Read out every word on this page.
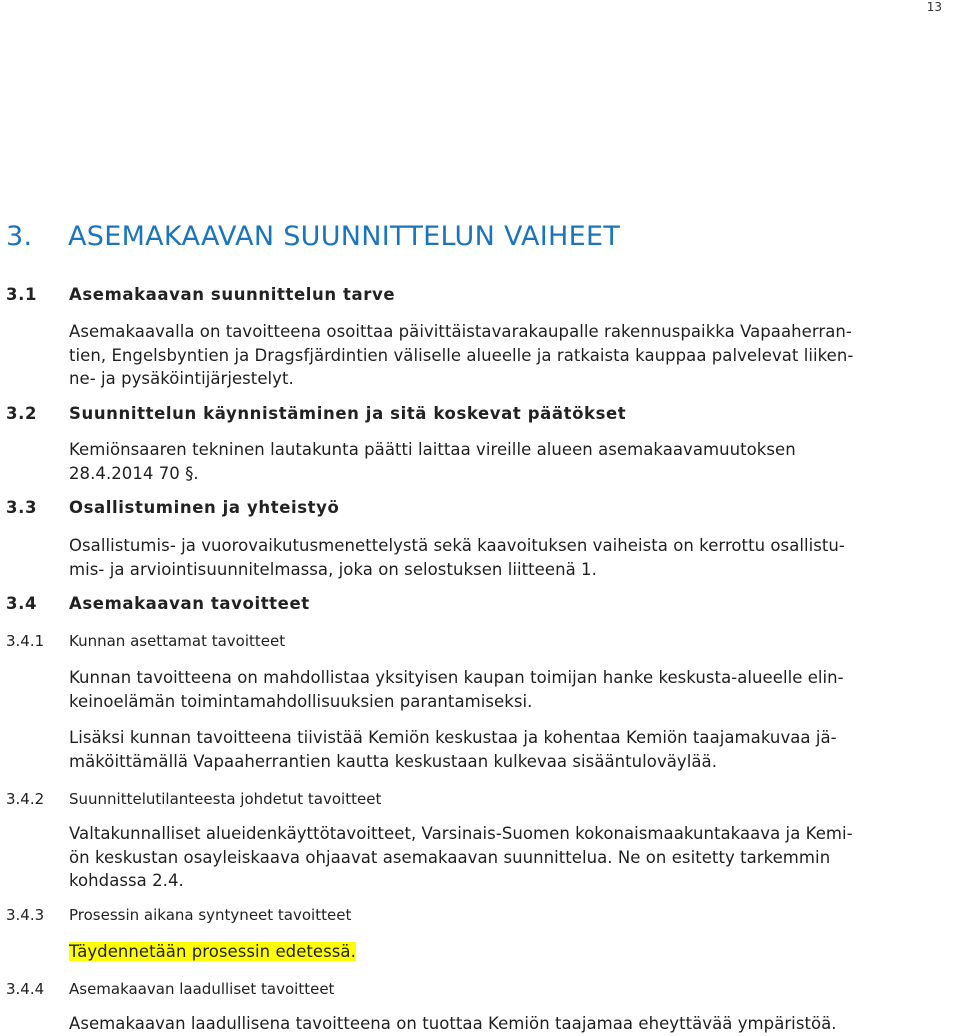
13
3. ASEMAKAAVAN SUUNNITTELUN VAIHEET
3.1 Asemakaavan suunnittelun tarve
Asemakaavalla on tavoitteena osoittaa päivittäistavarakaupalle rakennuspaikka Vapaaherran-
tien, Engelsbyntien ja Dragsfjärdintien väliselle alueelle ja ratkaista kauppaa palvelevat liiken-
ne- ja pysäköintijärjestelyt.
3.2 Suunnittelun käynnistäminen ja sitä koskevat päätökset
Kemiönsaaren tekninen lautakunta päätti laittaa vireille alueen asemakaavamuutoksen
28.4.2014 70 §.
3.3 Osallistuminen ja yhteistyö
Osallistumis- ja vuorovaikutusmenettelystä sekä kaavoituksen vaiheista on kerrottu osallistu-
mis- ja arviointisuunnitelmassa, joka on selostuksen liitteenä 1.
3.4 Asemakaavan tavoitteet
3.4.1 Kunnan asettamat tavoitteet
Kunnan tavoitteena on mahdollistaa yksityisen kaupan toimijan hanke keskusta-alueelle elin-
keinoelämän toimintamahdollisuuksien parantamiseksi.
Lisäksi kunnan tavoitteena tiivistää Kemiön keskustaa ja kohentaa Kemiön taajamakuvaa jä-
mäköittämällä Vapaaherrantien kautta keskustaan kulkevaa sisääntuloväylää.
3.4.2 Suunnittelutilanteesta johdetut tavoitteet
Valtakunnalliset alueidenkäyttötavoitteet, Varsinais-Suomen kokonaismaakuntakaava ja Kemi-
ön keskustan osayleiskaava ohjaavat asemakaavan suunnittelua. Ne on esitetty tarkemmin
kohdassa 2.4.
3.4.3 Prosessin aikana syntyneet tavoitteet
Täydennetään prosessin edetessä.
3.4.4 Asemakaavan laadulliset tavoitteet
Asemakaavan laadullisena tavoitteena on tuottaa Kemiön taajamaa eheyttävää ympäristöä.
